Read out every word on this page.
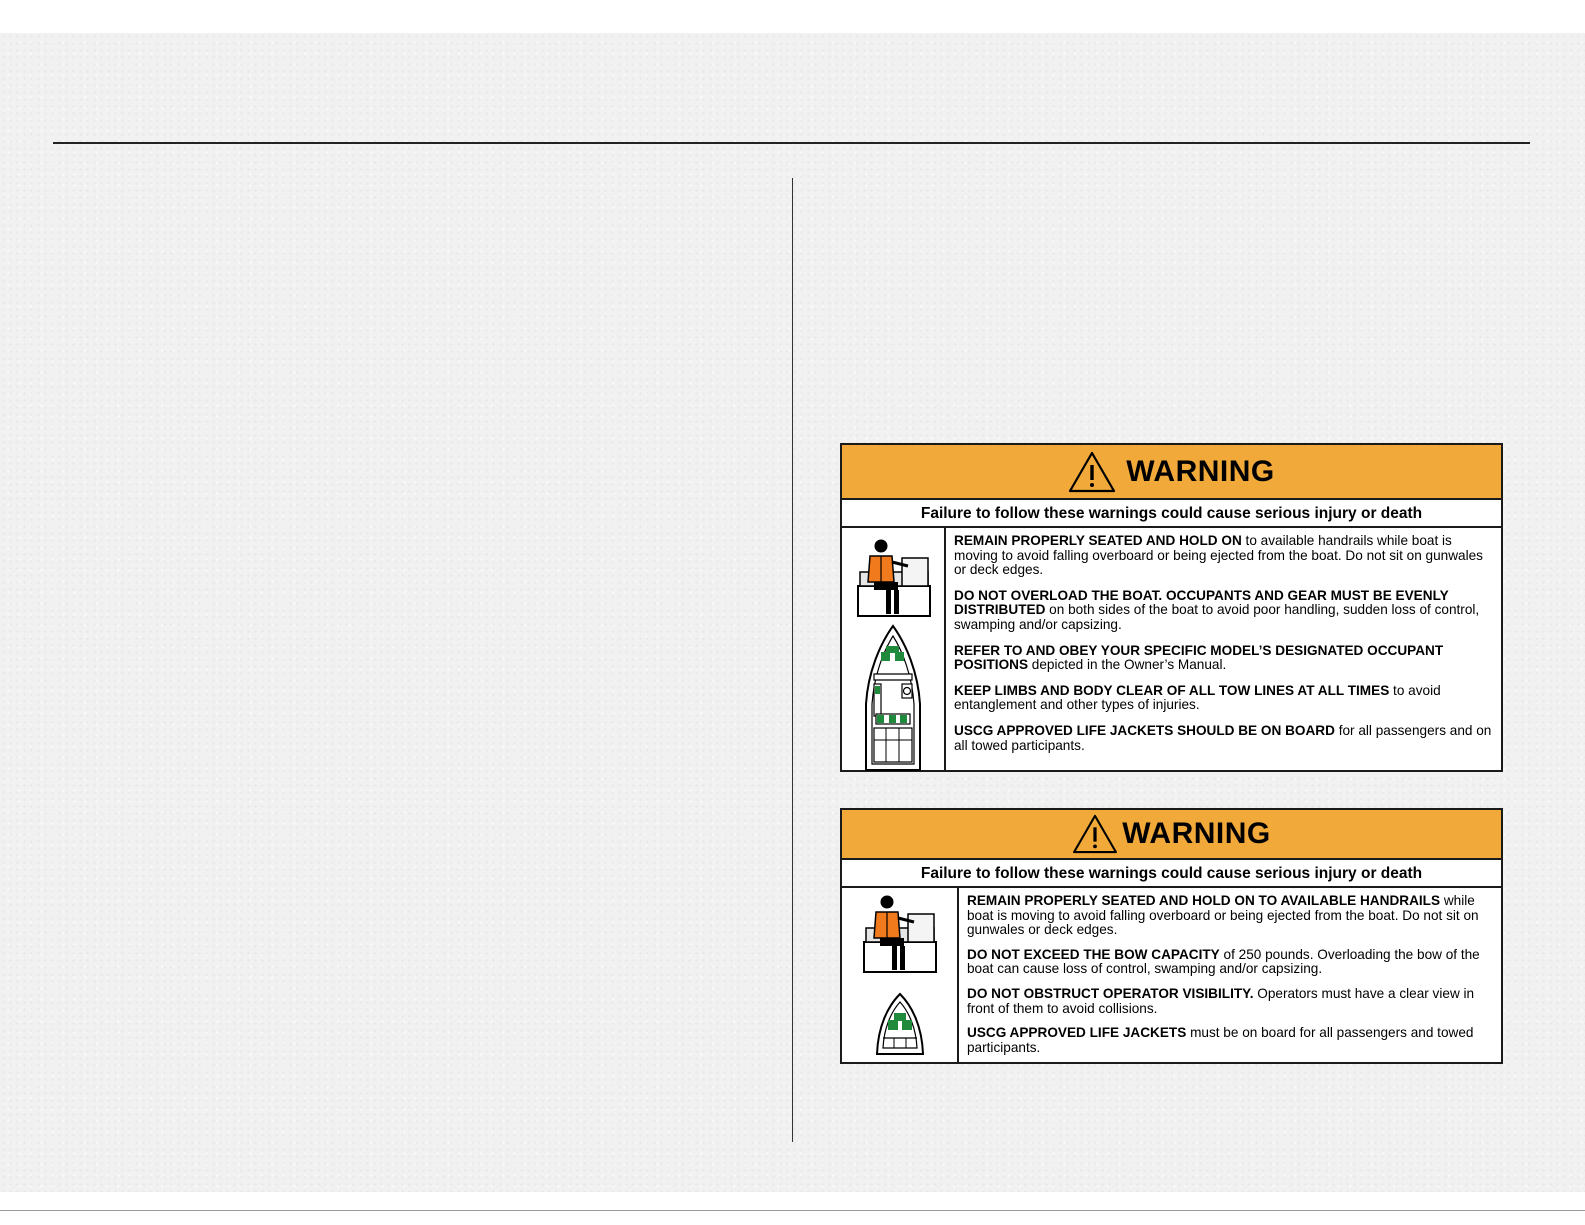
WARNING
Failure to follow these warnings could cause serious injury or death

REMAIN PROPERLY SEATED AND HOLD ON to available handrails while boat is moving to avoid falling overboard or being ejected from the boat. Do not sit on gunwales or deck edges.

DO NOT OVERLOAD THE BOAT. OCCUPANTS AND GEAR MUST BE EVENLY DISTRIBUTED on both sides of the boat to avoid poor handling, sudden loss of control, swamping and/or capsizing.

REFER TO AND OBEY YOUR SPECIFIC MODEL’S DESIGNATED OCCUPANT POSITIONS depicted in the Owner’s Manual.

KEEP LIMBS AND BODY CLEAR OF ALL TOW LINES AT ALL TIMES to avoid entanglement and other types of injuries.

USCG APPROVED LIFE JACKETS SHOULD BE ON BOARD for all passengers and on all towed participants.

WARNING
Failure to follow these warnings could cause serious injury or death

REMAIN PROPERLY SEATED AND HOLD ON TO AVAILABLE HANDRAILS while boat is moving to avoid falling overboard or being ejected from the boat. Do not sit on gunwales or deck edges.

DO NOT EXCEED THE BOW CAPACITY of 250 pounds. Overloading the bow of the boat can cause loss of control, swamping and/or capsizing.

DO NOT OBSTRUCT OPERATOR VISIBILITY. Operators must have a clear view in front of them to avoid collisions.

USCG APPROVED LIFE JACKETS must be on board for all passengers and towed participants.
